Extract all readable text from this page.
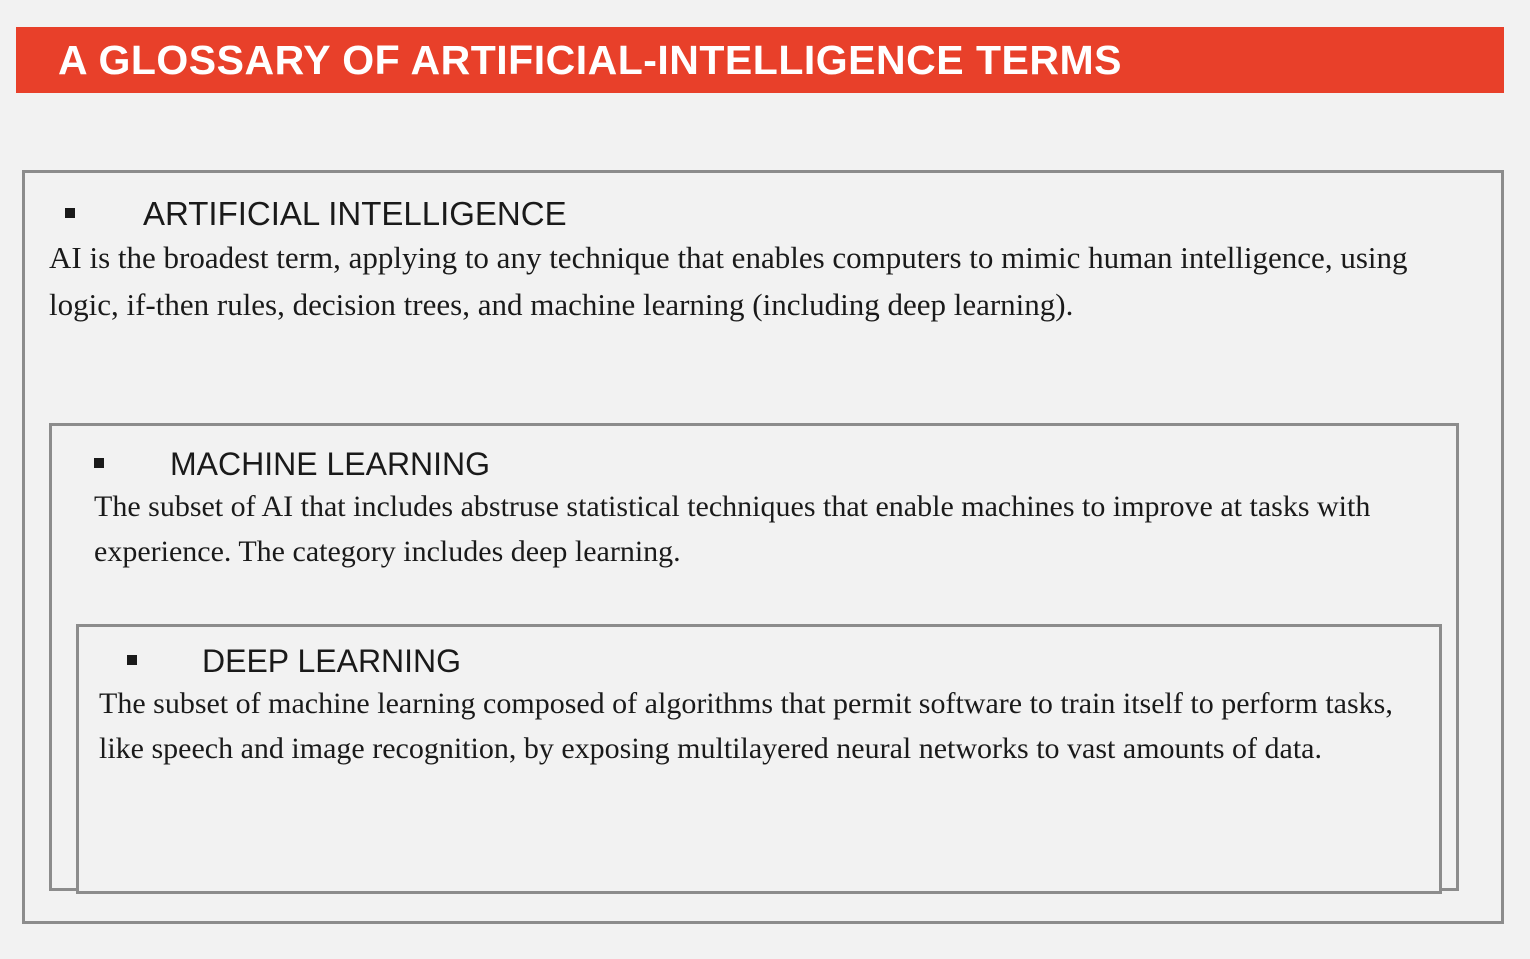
A GLOSSARY OF ARTIFICIAL-INTELLIGENCE TERMS
ARTIFICIAL INTELLIGENCE
AI is the broadest term, applying to any technique that enables computers to mimic human intelligence, using logic, if-then rules, decision trees, and machine learning (including deep learning).
MACHINE LEARNING
The subset of AI that includes abstruse statistical techniques that enable machines to improve at tasks with experience. The category includes deep learning.
DEEP LEARNING
The subset of machine learning composed of algorithms that permit software to train itself to perform tasks, like speech and image recognition, by exposing multilayered neural networks to vast amounts of data.
